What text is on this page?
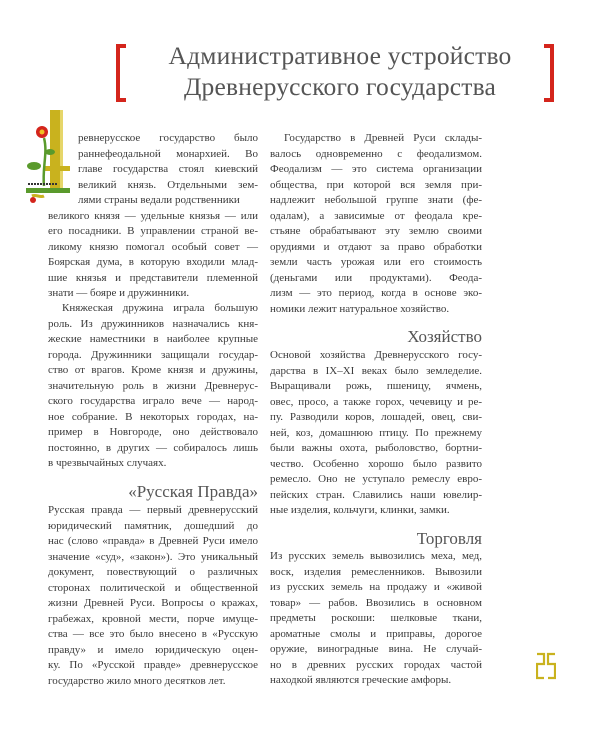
Административное устройство
Древнерусского государства
ревнерусское государство было
раннефеодальной монархией. Во
главе государства стоял киевский
великий князь. Отдельными зем-
лями страны ведали родственники
великого князя — удельные князья — или
его посадники. В управлении страной ве-
ликому князю помогал особый совет —
Боярская дума, в которую входили млад-
шие князья и представители племенной
знати — бояре и дружинники.
Княжеская дружина играла большую
роль. Из дружинников назначались кня-
жеские наместники в наиболее крупные
города. Дружинники защищали государ-
ство от врагов. Кроме князя и дружины,
значительную роль в жизни Древнерус-
ского государства играло вече — народ-
ное собрание. В некоторых городах, на-
пример в Новгороде, оно действовало
постоянно, в других — собиралось лишь
в чрезвычайных случаях.
«Русская Правда»
Русская правда — первый древнерусский
юридический памятник, дошедший до
нас (слово «правда» в Древней Руси имело
значение «суд», «закон»). Это уникальный
документ, повествующий о различных
сторонах политической и общественной
жизни Древней Руси. Вопросы о кражах,
грабежах, кровной мести, порче имуще-
ства — все это было внесено в «Русскую
правду» и имело юридическую оцен-
ку. По «Русской правде» древнерусское
государство жило много десятков лет.
Государство в Древней Руси склады-
валось одновременно с феодализмом.
Феодализм — это система организации
общества, при которой вся земля при-
надлежит небольшой группе знати (фе-
одалам), а зависимые от феодала кре-
стьяне обрабатывают эту землю своими
орудиями и отдают за право обработки
земли часть урожая или его стоимость
(деньгами или продуктами). Феода-
лизм — это период, когда в основе эко-
номики лежит натуральное хозяйство.
Хозяйство
Основой хозяйства Древнерусского госу-
дарства в IX–XI веках было земледелие.
Выращивали рожь, пшеницу, ячмень,
овес, просо, а также горох, чечевицу и ре-
пу. Разводили коров, лошадей, овец, сви-
ней, коз, домашнюю птицу. По прежнему
были важны охота, рыболовство, бортни-
чество. Особенно хорошо было развито
ремесло. Оно не уступало ремеслу евро-
пейских стран. Славились наши ювелир-
ные изделия, кольчуги, клинки, замки.
Торговля
Из русских земель вывозились меха, мед,
воск, изделия ремесленников. Вывозили
из русских земель на продажу и «живой
товар» — рабов. Ввозились в основном
предметы роскоши: шелковые ткани,
ароматные смолы и приправы, дорогое
оружие, виноградные вина. Не случай-
но в древних русских городах частой
находкой являются греческие амфоры.
